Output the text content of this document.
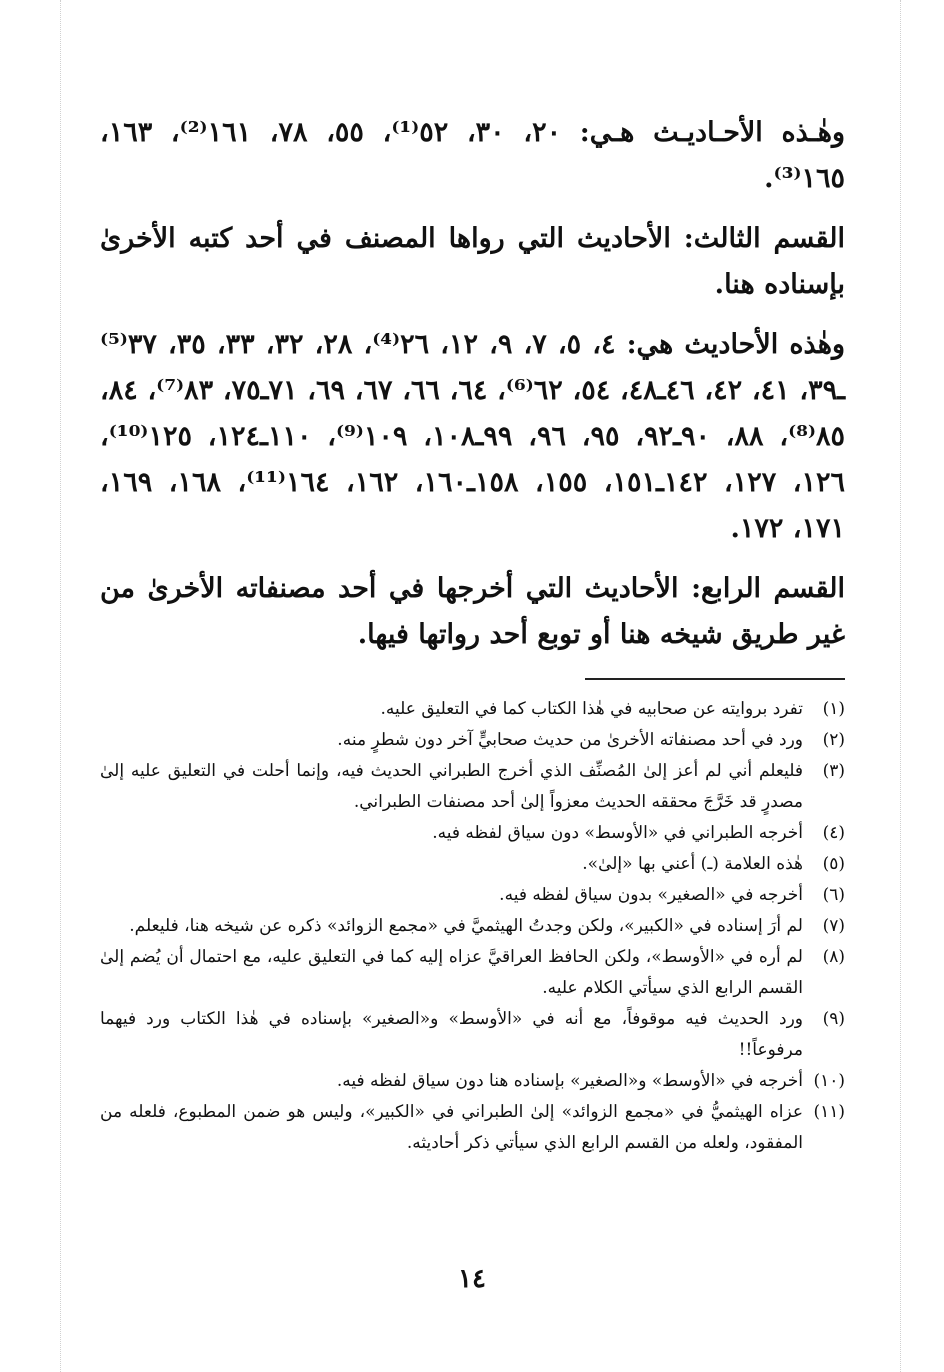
وهٰـذه الأحـاديـث هـي: ٢٠، ٣٠، ٥٢⁽¹⁾، ٥٥، ٧٨، ١٦١⁽²⁾، ١٦٣، ١٦٥⁽³⁾.

القسم الثالث: الأحاديث التي رواها المصنف في أحد كتبه الأخرىٰ بإسناده هنا.

وهٰذه الأحاديث هي: ٤، ٥، ٧، ٩، ١٢، ٢٦⁽⁴⁾، ٢٨، ٣٢، ٣٣، ٣٥، ٣٧⁽⁵⁾ـ٣٩، ٤١، ٤٢، ٤٦ـ٤٨، ٥٤، ٦٢⁽⁶⁾، ٦٤، ٦٦، ٦٧، ٦٩، ٧١ـ٧٥، ٨٣⁽⁷⁾، ٨٤، ٨٥⁽⁸⁾، ٨٨، ٩٠ـ٩٢، ٩٥، ٩٦، ٩٩ـ١٠٨، ١٠٩⁽⁹⁾، ١١٠ـ١٢٤، ١٢٥⁽¹⁰⁾، ١٢٦، ١٢٧، ١٤٢ـ١٥١، ١٥٥، ١٥٨ـ١٦٠، ١٦٢، ١٦٤⁽¹¹⁾، ١٦٨، ١٦٩، ١٧١، ١٧٢.

القسم الرابع: الأحاديث التي أخرجها في أحد مصنفاته الأخرىٰ من غير طريق شيخه هنا أو توبع أحد رواتها فيها.

(١)
تفرد بروايته عن صحابيه في هٰذا الكتاب كما في التعليق عليه.
(٢)
ورد في أحد مصنفاته الأخرىٰ من حديث صحابيٍّ آخر دون شطرٍ منه.
(٣)
فليعلم أني لم أعز إلىٰ المُصنِّف الذي أخرج الطبراني الحديث فيه، وإنما أحلت في التعليق عليه إلىٰ مصدرٍ قد خَرَّجَ محققه الحديث معزواً إلىٰ أحد مصنفات الطبراني.
(٤)
أخرجه الطبراني في «الأوسط» دون سياق لفظه فيه.
(٥)
هٰذه العلامة (ـ) أعني بها «إلىٰ».
(٦)
أخرجه في «الصغير» بدون سياق لفظه فيه.
(٧)
لم أرَ إسناده في «الكبير»، ولكن وجدتُ الهيثميَّ في «مجمع الزوائد» ذكره عن شيخه هنا، فليعلم.
(٨)
لم أره في «الأوسط»، ولكن الحافظ العراقيَّ عزاه إليه كما في التعليق عليه، مع احتمال أن يُضم إلىٰ القسم الرابع الذي سيأتي الكلام عليه.
(٩)
ورد الحديث فيه موقوفاً، مع أنه في «الأوسط» و«الصغير» بإسناده في هٰذا الكتاب ورد فيهما مرفوعاً!!
(١٠)
أخرجه في «الأوسط» و«الصغير» بإسناده هنا دون سياق لفظه فيه.
(١١)
عزاه الهيثميُّ في «مجمع الزوائد» إلىٰ الطبراني في «الكبير»، وليس هو ضمن المطبوع، فلعله من المفقود، ولعله من القسم الرابع الذي سيأتي ذكر أحاديثه.
١٤
